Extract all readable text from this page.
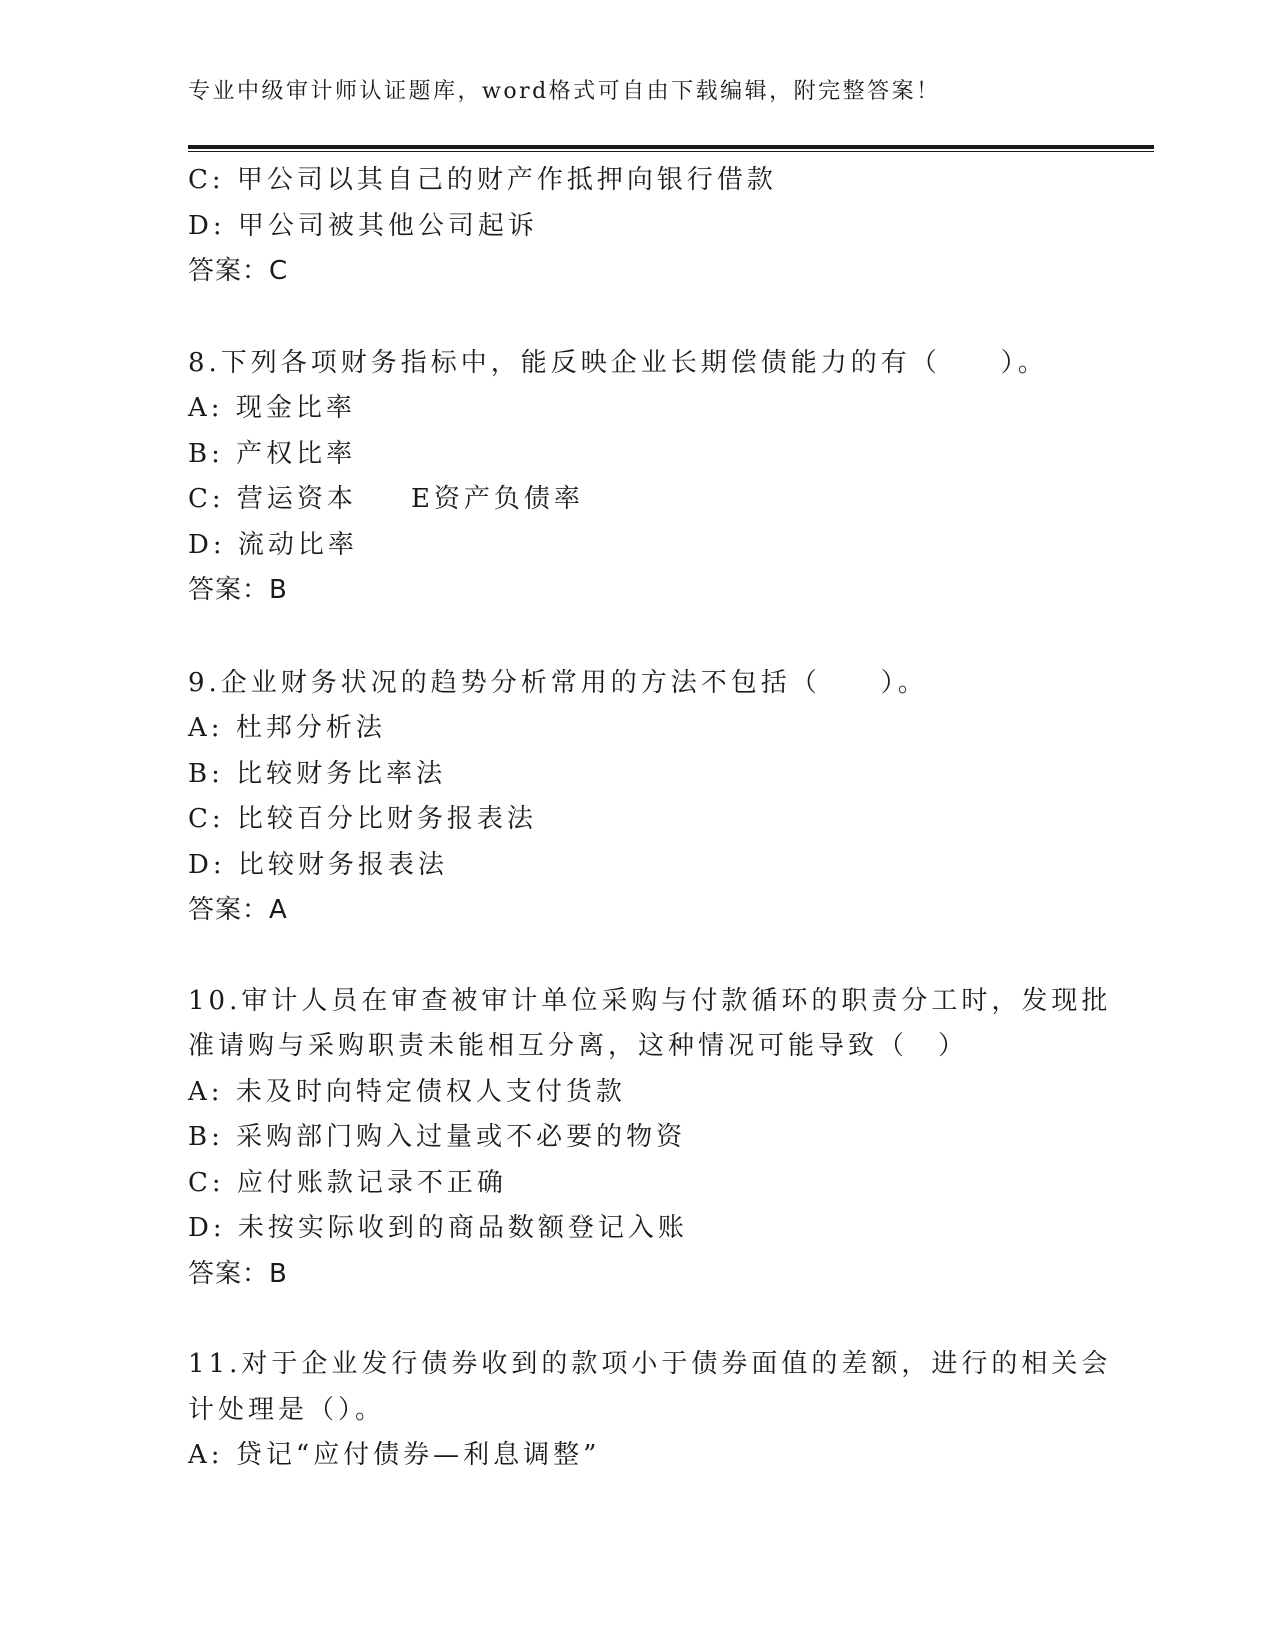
专业中级审计师认证题库，word格式可自由下载编辑，附完整答案！
C: 甲公司以其自己的财产作抵押向银行借款
D: 甲公司被其他公司起诉
答案：C
8.下列各项财务指标中，能反映企业长期偿债能力的有（　　）。
A: 现金比率
B: 产权比率
C: 营运资本 E资产负债率
D: 流动比率
答案：B
9.企业财务状况的趋势分析常用的方法不包括（　　）。
A: 杜邦分析法
B: 比较财务比率法
C: 比较百分比财务报表法
D: 比较财务报表法
答案：A
10.审计人员在审查被审计单位采购与付款循环的职责分工时，发现批
准请购与采购职责未能相互分离，这种情况可能导致（　）
A: 未及时向特定债权人支付货款
B: 采购部门购入过量或不必要的物资
C: 应付账款记录不正确
D: 未按实际收到的商品数额登记入账
答案：B
11.对于企业发行债券收到的款项小于债券面值的差额，进行的相关会
计处理是（）。
A: 贷记“应付债券—利息调整”
